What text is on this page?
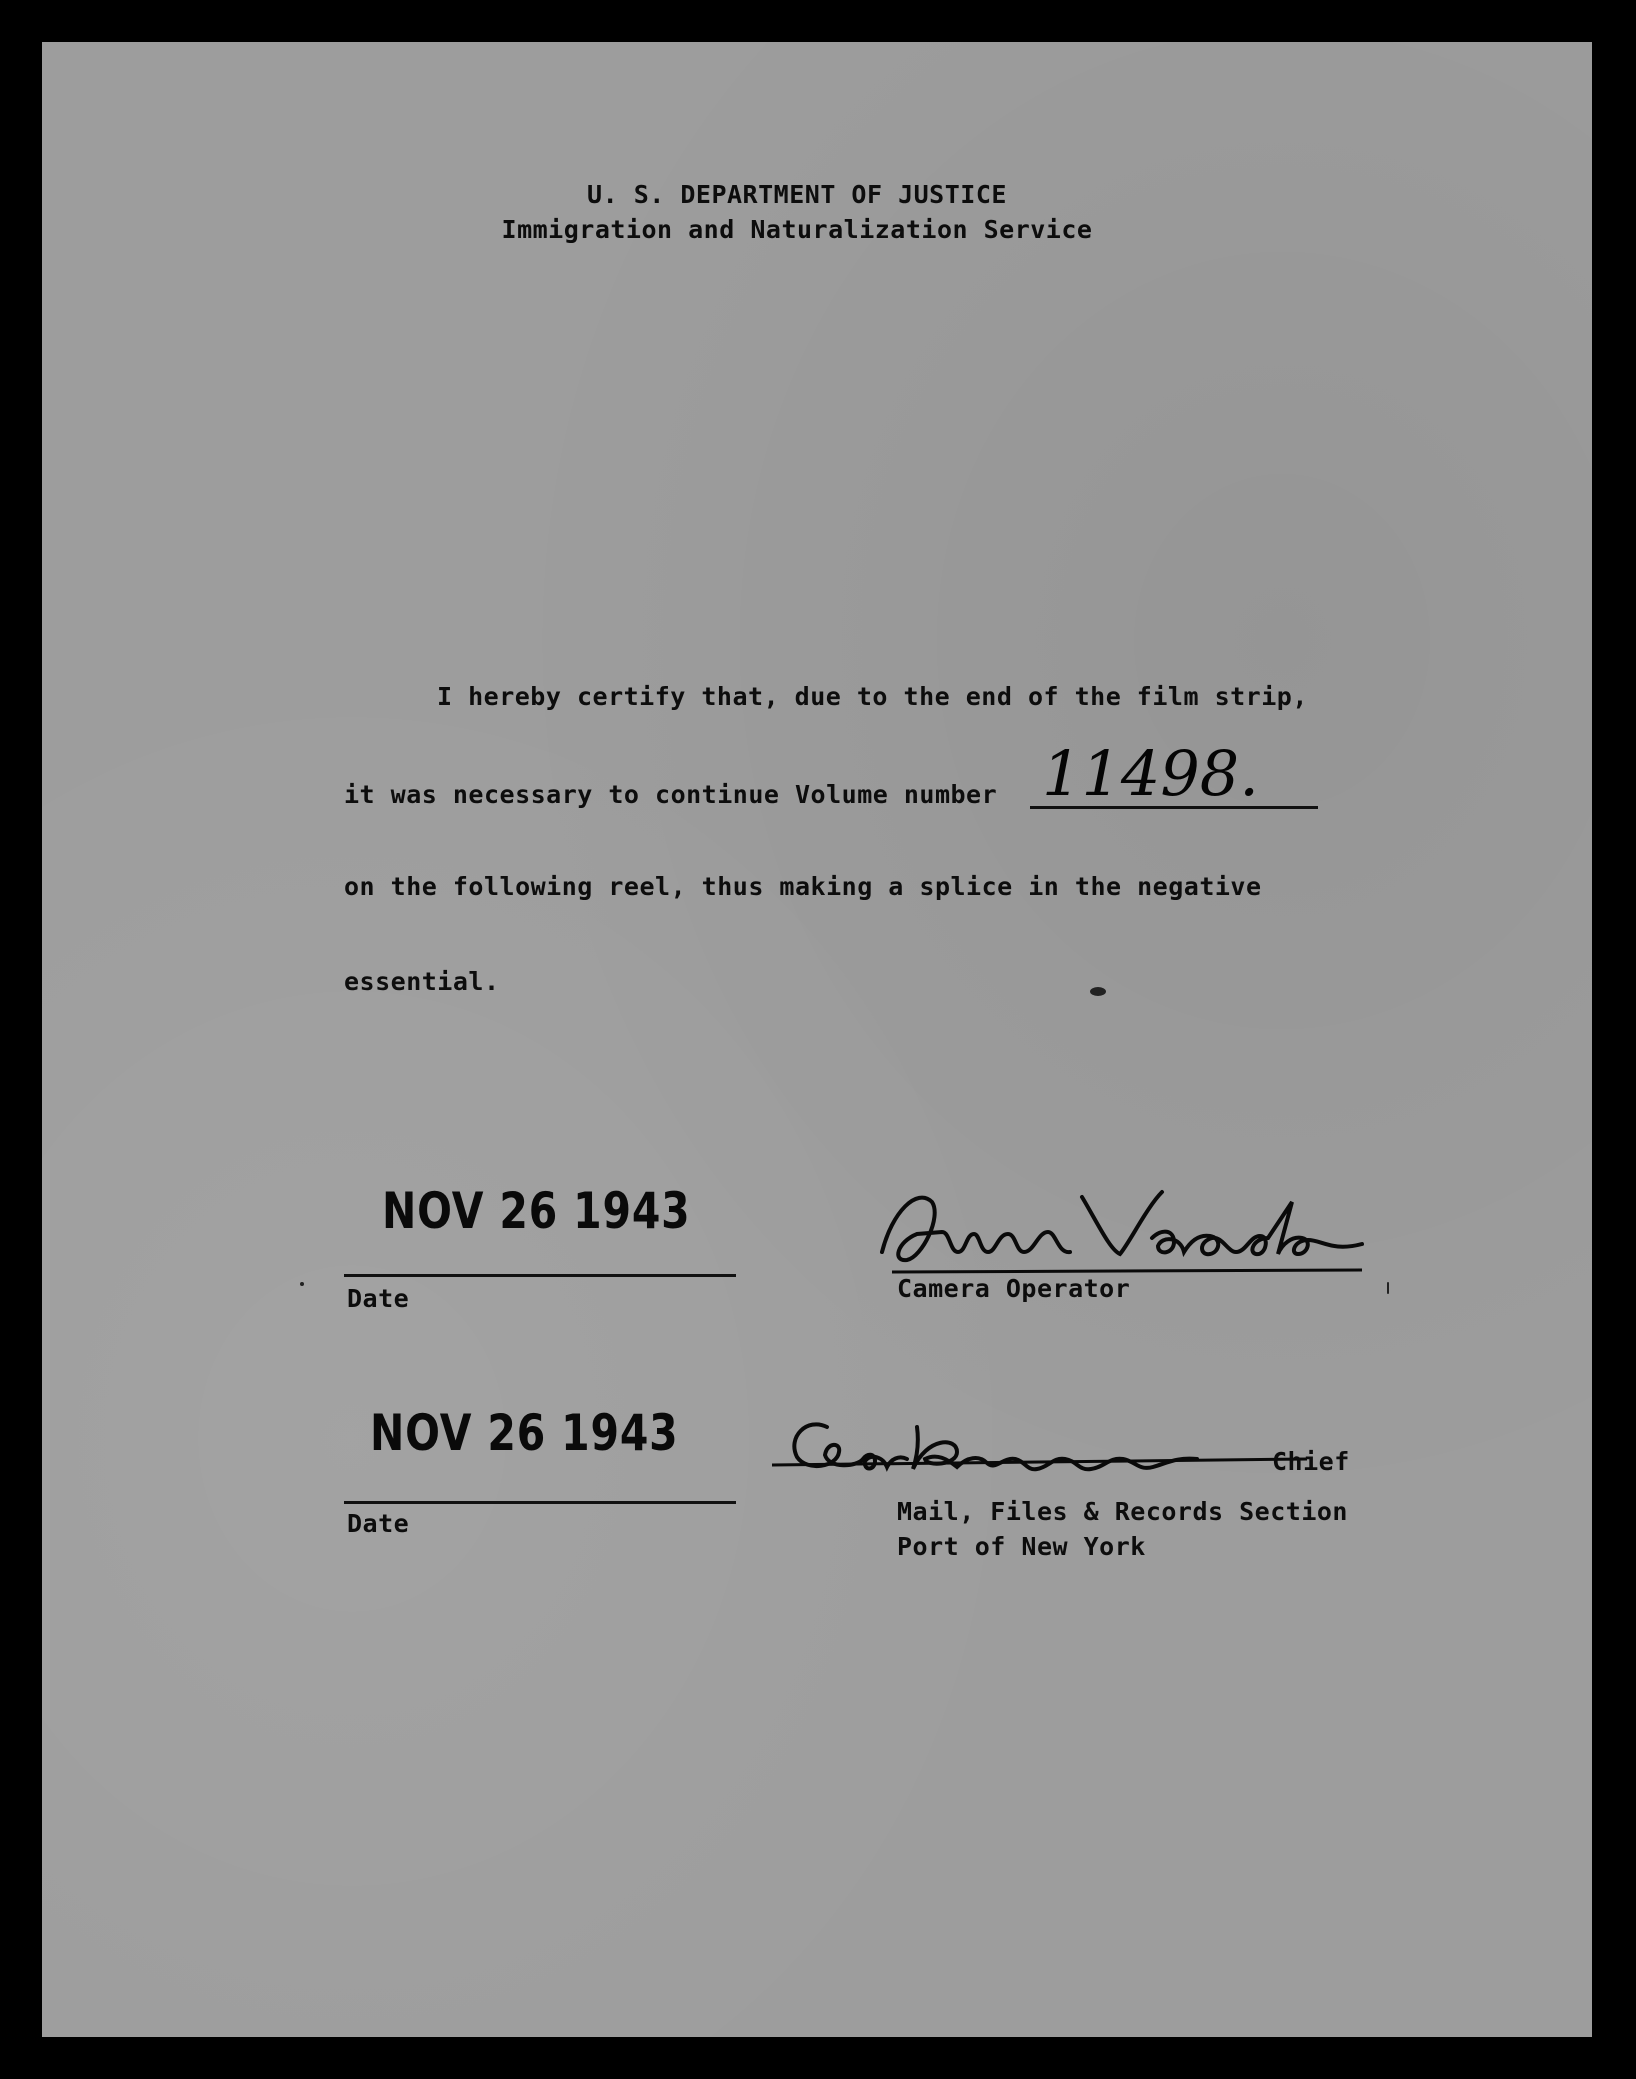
U. S. DEPARTMENT OF JUSTICE
Immigration and Naturalization Service
I hereby certify that, due to the end of the film strip,
it was necessary to continue Volume number 11498.
on the following reel, thus making a splice in the negative
essential.
NOV 26 1943
Date	Camera Operator
NOV 26 1943
Date
Chief
Mail, Files & Records Section
Port of New York
